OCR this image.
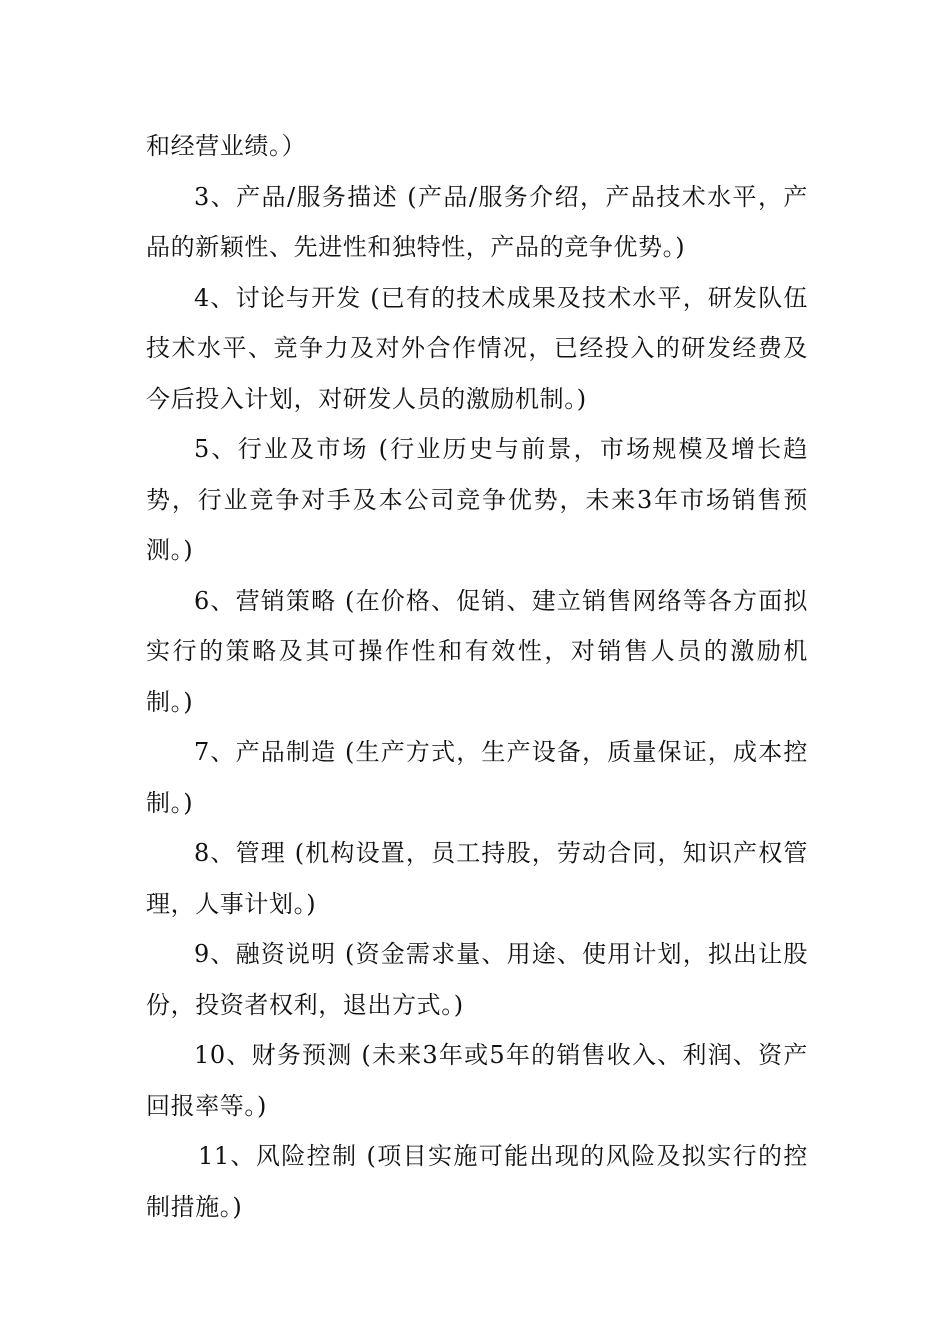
和经营业绩。）

3、产品/服务描述 (产品/服务介绍，产品技术水平，产品的新颖性、先进性和独特性，产品的竞争优势。)

4、讨论与开发 (已有的技术成果及技术水平，研发队伍技术水平、竞争力及对外合作情况，已经投入的研发经费及今后投入计划，对研发人员的激励机制。)

5、行业及市场 (行业历史与前景，市场规模及增长趋势，行业竞争对手及本公司竞争优势，未来3年市场销售预测。)

6、营销策略 (在价格、促销、建立销售网络等各方面拟实行的策略及其可操作性和有效性，对销售人员的激励机制。)

7、产品制造 (生产方式，生产设备，质量保证，成本控制。)

8、管理 (机构设置，员工持股，劳动合同，知识产权管理，人事计划。)

9、融资说明 (资金需求量、用途、使用计划，拟出让股份，投资者权利，退出方式。)

10、财务预测 (未来3年或5年的销售收入、利润、资产回报率等。)

11、风险控制 (项目实施可能出现的风险及拟实行的控制措施。)
